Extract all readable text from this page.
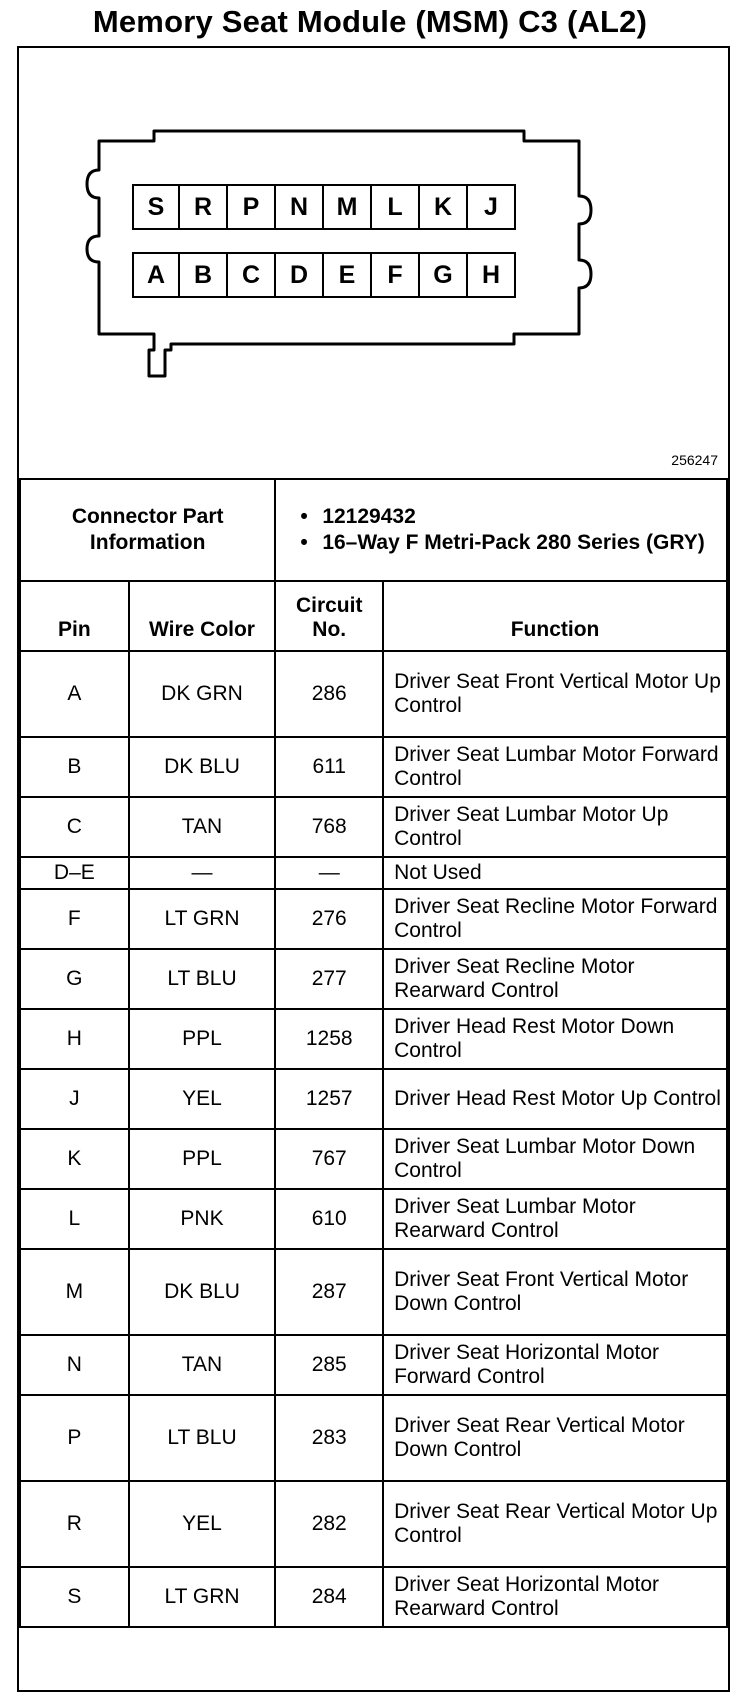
Memory Seat Module (MSM) C3 (AL2)
S	R	P	N	M	L	K	J
A	B	C	D	E	F	G	H
256247
Connector Part Information		• 12129432
• 16–Way F Metri-Pack 280 Series (GRY)	

Pin	Wire Color	Circuit No.	Function
A	DK GRN	286	Driver Seat Front Vertical Motor Up Control
B	DK BLU	611	Driver Seat Lumbar Motor Forward Control
C	TAN	768	Driver Seat Lumbar Motor Up Control
D–E	—	—	Not Used
F	LT GRN	276	Driver Seat Recline Motor Forward Control
G	LT BLU	277	Driver Seat Recline Motor Rearward Control
H	PPL	1258	Driver Head Rest Motor Down Control
J	YEL	1257	Driver Head Rest Motor Up Control
K	PPL	767	Driver Seat Lumbar Motor Down Control
L	PNK	610	Driver Seat Lumbar Motor Rearward Control
M	DK BLU	287	Driver Seat Front Vertical Motor Down Control
N	TAN	285	Driver Seat Horizontal Motor Forward Control
P	LT BLU	283	Driver Seat Rear Vertical Motor Down Control
R	YEL	282	Driver Seat Rear Vertical Motor Up Control
S	LT GRN	284	Driver Seat Horizontal Motor Rearward Control
